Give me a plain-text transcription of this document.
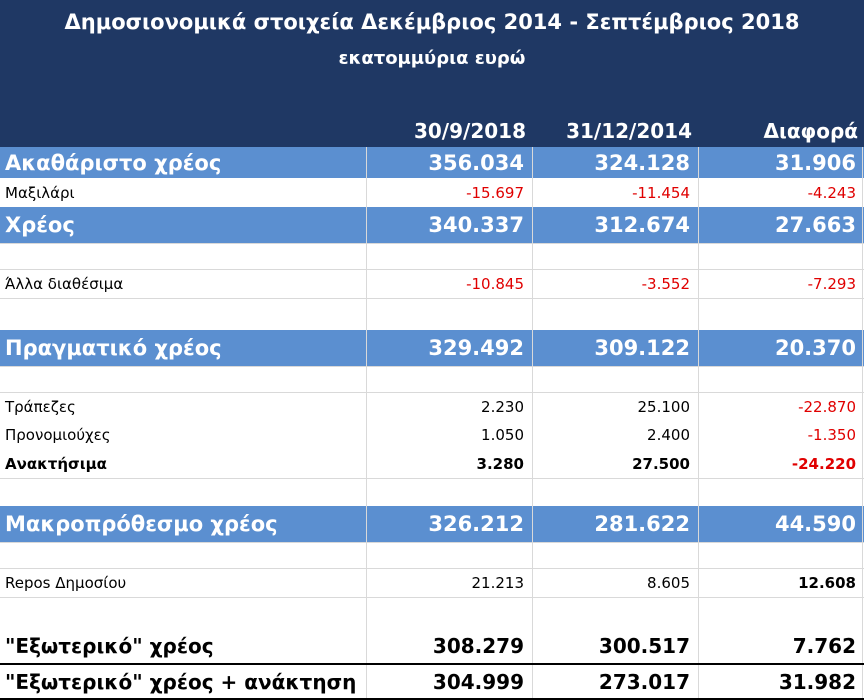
Δημοσιονομικά στοιχεία Δεκέμβριος 2014 - Σεπτέμβριος 2018
εκατομμύρια ευρώ
30/9/2018	31/12/2014	Διαφορά
Ακαθάριστο χρέος	356.034	324.128	31.906
Μαξιλάρι	-15.697	-11.454	-4.243
Χρέος	340.337	312.674	27.663
Άλλα διαθέσιμα	-10.845	-3.552	-7.293
Πραγματικό χρέος	329.492	309.122	20.370
Τράπεζες	2.230	25.100	-22.870
Προνομιούχες	1.050	2.400	-1.350
Ανακτήσιμα	3.280	27.500	-24.220
Μακροπρόθεσμο χρέος	326.212	281.622	44.590
Repos Δημοσίου	21.213	8.605	12.608
"Εξωτερικό" χρέος	308.279	300.517	7.762
"Εξωτερικό" χρέος + ανάκτηση	304.999	273.017	31.982
